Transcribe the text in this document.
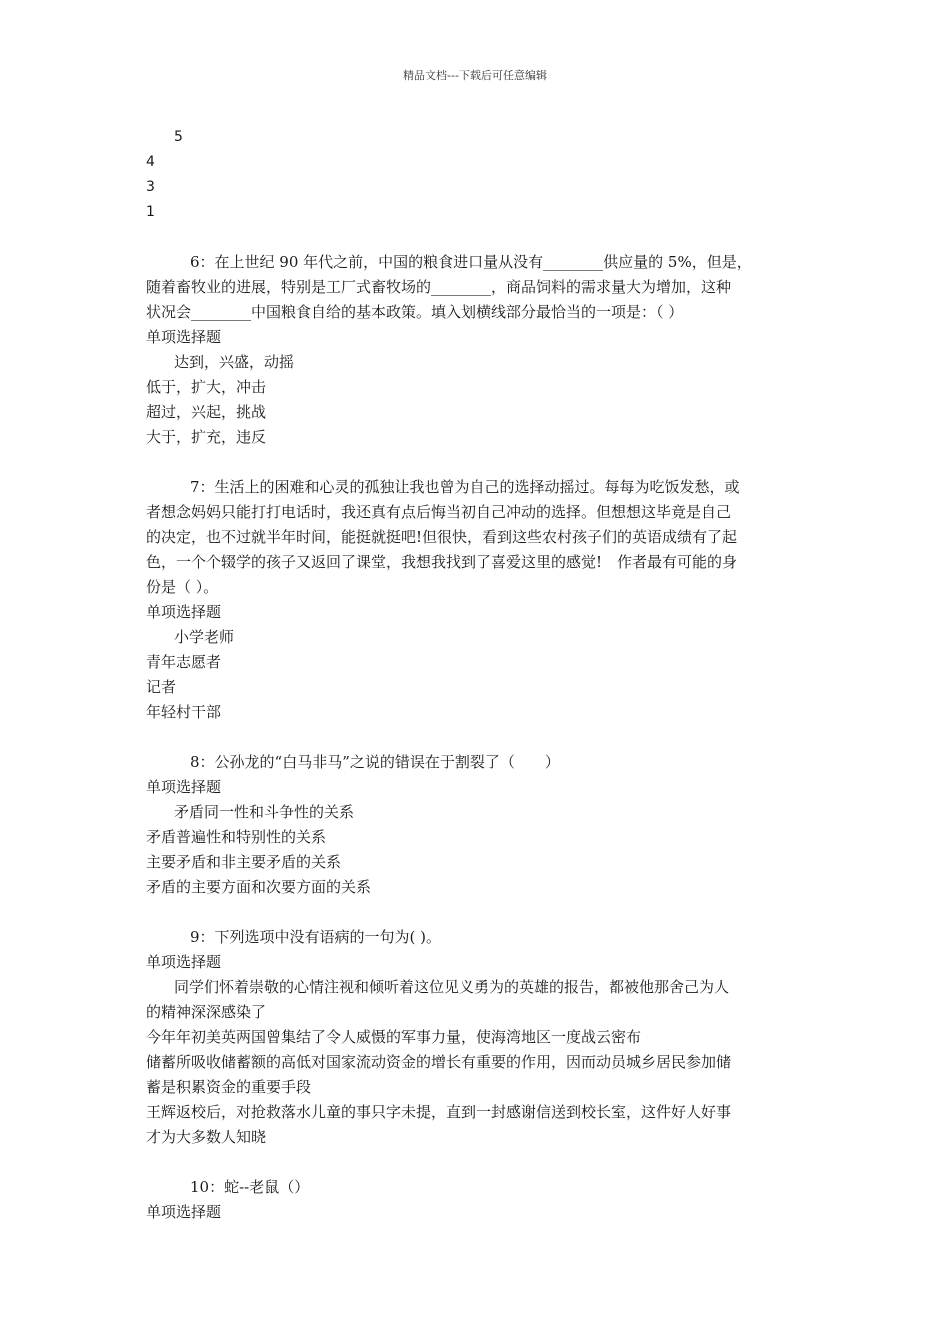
精品文档---下载后可任意编辑

5

4

3

1

6：在上世纪 90 年代之前，中国的粮食进口量从没有________供应量的 5%，但是，

随着畜牧业的进展，特别是工厂式畜牧场的________，商品饲料的需求量大为增加，这种

状况会________中国粮食自给的基本政策。填入划横线部分最恰当的一项是：（ ）

单项选择题

达到，兴盛，动摇

低于，扩大，冲击

超过，兴起，挑战

大于，扩充，违反

7：生活上的困难和心灵的孤独让我也曾为自己的选择动摇过。每每为吃饭发愁，或

者想念妈妈只能打打电话时，我还真有点后悔当初自己冲动的选择。但想想这毕竟是自己

的决定，也不过就半年时间，能挺就挺吧!但很快，看到这些农村孩子们的英语成绩有了起

色，一个个辍学的孩子又返回了课堂，我想我找到了喜爱这里的感觉!　作者最有可能的身

份是（ ）。

单项选择题

小学老师

青年志愿者

记者

年轻村干部

8：公孙龙的“白马非马”之说的错误在于割裂了（　　）

单项选择题

矛盾同一性和斗争性的关系

矛盾普遍性和特别性的关系

主要矛盾和非主要矛盾的关系

矛盾的主要方面和次要方面的关系

9：下列选项中没有语病的一句为( )。

单项选择题

同学们怀着崇敬的心情注视和倾听着这位见义勇为的英雄的报告，都被他那舍己为人

的精神深深感染了

今年年初美英两国曾集结了令人威慑的军事力量，使海湾地区一度战云密布

储蓄所吸收储蓄额的高低对国家流动资金的增长有重要的作用，因而动员城乡居民参加储

蓄是积累资金的重要手段

王辉返校后，对抢救落水儿童的事只字未提，直到一封感谢信送到校长室，这件好人好事

才为大多数人知晓

10：蛇--老鼠（）

单项选择题
